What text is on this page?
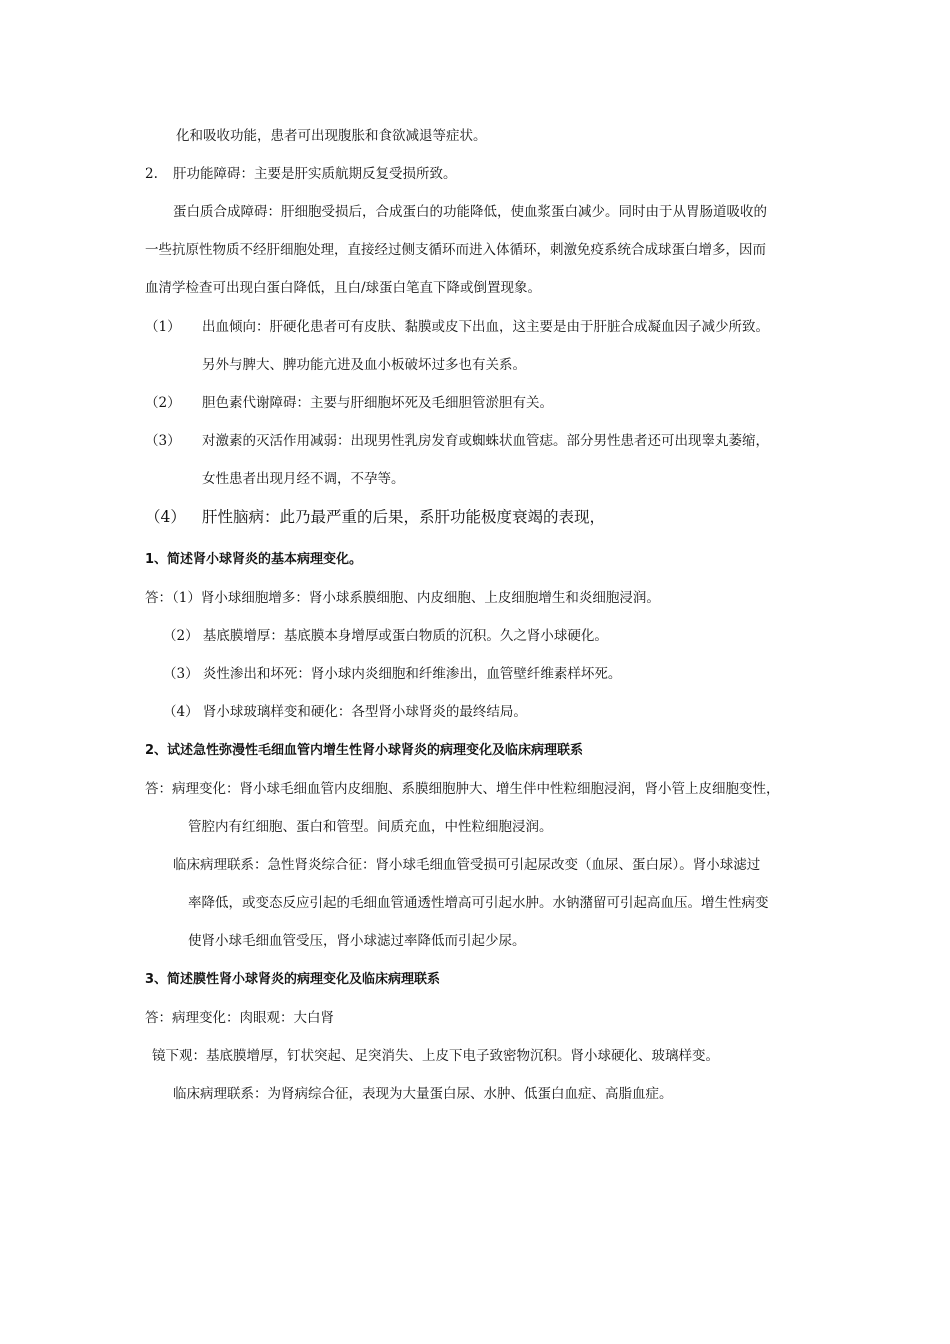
化和吸收功能，患者可出现腹胀和食欲减退等症状。

2. 肝功能障碍：主要是肝实质航期反复受损所致。

蛋白质合成障碍：肝细胞受损后，合成蛋白的功能降低，使血浆蛋白减少。同时由于从胃肠道吸收的

一些抗原性物质不经肝细胞处理，直接经过侧支循环而进入体循环，刺激免疫系统合成球蛋白增多，因而

血清学检查可出现白蛋白降低，且白/球蛋白笔直下降或倒置现象。

（1） 出血倾向：肝硬化患者可有皮肤、黏膜或皮下出血，这主要是由于肝脏合成凝血因子减少所致。

另外与脾大、脾功能亢进及血小板破坏过多也有关系。

（2） 胆色素代谢障碍：主要与肝细胞坏死及毛细胆管淤胆有关。

（3） 对激素的灭活作用减弱：出现男性乳房发育或蜘蛛状血管痣。部分男性患者还可出现睾丸萎缩，

女性患者出现月经不调，不孕等。

（4） 肝性脑病：此乃最严重的后果，系肝功能极度衰竭的表现，

1、简述肾小球肾炎的基本病理变化。

答：（1）肾小球细胞增多：肾小球系膜细胞、内皮细胞、上皮细胞增生和炎细胞浸润。

（2） 基底膜增厚：基底膜本身增厚或蛋白物质的沉积。久之肾小球硬化。

（3） 炎性渗出和坏死：肾小球内炎细胞和纤维渗出，血管壁纤维素样坏死。

（4） 肾小球玻璃样变和硬化：各型肾小球肾炎的最终结局。

2、试述急性弥漫性毛细血管内增生性肾小球肾炎的病理变化及临床病理联系

答：病理变化：肾小球毛细血管内皮细胞、系膜细胞肿大、增生伴中性粒细胞浸润，肾小管上皮细胞变性，

管腔内有红细胞、蛋白和管型。间质充血，中性粒细胞浸润。

临床病理联系：急性肾炎综合征：肾小球毛细血管受损可引起尿改变（血尿、蛋白尿）。肾小球滤过

率降低，或变态反应引起的毛细血管通透性增高可引起水肿。水钠潴留可引起高血压。增生性病变

使肾小球毛细血管受压，肾小球滤过率降低而引起少尿。

3、简述膜性肾小球肾炎的病理变化及临床病理联系

答：病理变化：肉眼观：大白肾

镜下观：基底膜增厚，钉状突起、足突消失、上皮下电子致密物沉积。肾小球硬化、玻璃样变。

临床病理联系：为肾病综合征，表现为大量蛋白尿、水肿、低蛋白血症、高脂血症。
